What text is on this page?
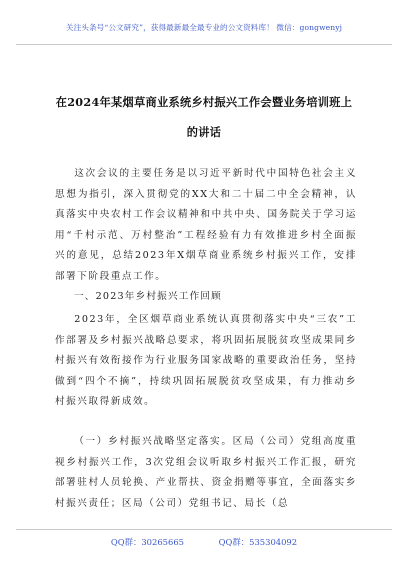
关注头条号“公文研究”，获得最新最全最专业的公文资料库！ 微信：gongwenyj
在2024年某烟草商业系统乡村振兴工作会暨业务培训班上
的讲话

这次会议的主要任务是以习近平新时代中国特色社会主义思想为指引，深入贯彻党的XX大和二十届二中全会精神，认真落实中央农村工作会议精神和中共中央、国务院关于学习运用“千村示范、万村整治”工程经验有力有效推进乡村全面振兴的意见，总结2023年X烟草商业系统乡村振兴工作，安排部署下阶段重点工作。

一、2023年乡村振兴工作回顾

2023年，全区烟草商业系统认真贯彻落实中央“三农”工作部署及乡村振兴战略总要求，将巩固拓展脱贫攻坚成果同乡村振兴有效衔接作为行业服务国家战略的重要政治任务，坚持做到“四个不摘”，持续巩固拓展脱贫攻坚成果，有力推动乡村振兴取得新成效。

（一）乡村振兴战略坚定落实。区局（公司）党组高度重视乡村振兴工作，3次党组会议听取乡村振兴工作汇报，研究部署驻村人员轮换、产业帮扶、资金捐赠等事宜，全面落实乡村振兴责任；区局（公司）党组书记、局长（总

QQ群：30265665	QQ群：535304092
